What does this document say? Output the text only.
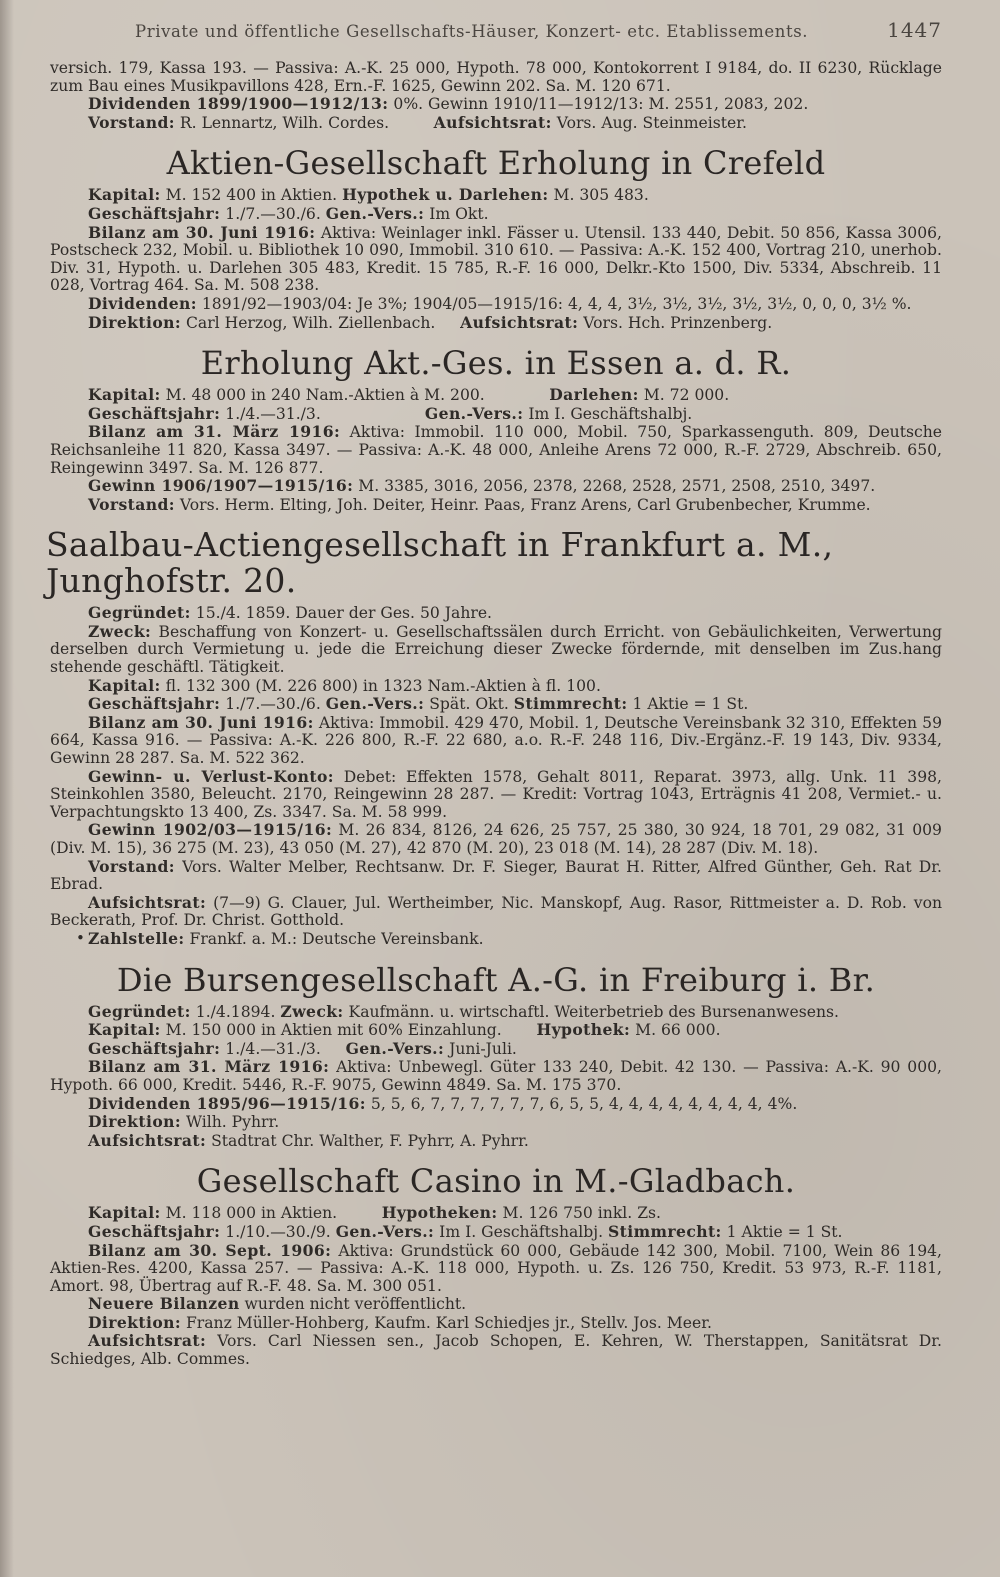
Private und öffentliche Gesellschafts-Häuser, Konzert- etc. Etablissements.	1447

versich. 179, Kassa 193. — Passiva: A.-K. 25 000, Hypoth. 78 000, Kontokorrent I 9184, do. II 6230, Rücklage zum Bau eines Musikpavillons 428, Ern.-F. 1625, Gewinn 202. Sa. M. 120 671.

Dividenden 1899/1900—1912/13: 0%. Gewinn 1910/11—1912/13: M. 2551, 2083, 202.

Vorstand: R. Lennartz, Wilh. Cordes.	Aufsichtsrat: Vors. Aug. Steinmeister.

Aktien-Gesellschaft Erholung in Crefeld

Kapital: M. 152 400 in Aktien. Hypothek u. Darlehen: M. 305 483.

Geschäftsjahr: 1./7.—30./6. Gen.-Vers.: Im Okt.

Bilanz am 30. Juni 1916: Aktiva: Weinlager inkl. Fässer u. Utensil. 133 440, Debit. 50 856, Kassa 3006, Postscheck 232, Mobil. u. Bibliothek 10 090, Immobil. 310 610. — Passiva: A.-K. 152 400, Vortrag 210, unerhob. Div. 31, Hypoth. u. Darlehen 305 483, Kredit. 15 785, R.-F. 16 000, Delkr.-Kto 1500, Div. 5334, Abschreib. 11 028, Vortrag 464. Sa. M. 508 238.

Dividenden: 1891/92—1903/04: Je 3%; 1904/05—1915/16: 4, 4, 4, 3½, 3½, 3½, 3½, 3½, 0, 0, 0, 3½ %.

Direktion: Carl Herzog, Wilh. Ziellenbach.     Aufsichtsrat: Vors. Hch. Prinzenberg.

Erholung Akt.-Ges. in Essen a. d. R.

Kapital: M. 48 000 in 240 Nam.-Aktien à M. 200.	Darlehen: M. 72 000.

Geschäftsjahr: 1./4.—31./3.	Gen.-Vers.: Im I. Geschäftshalbj.

Bilanz am 31. März 1916: Aktiva: Immobil. 110 000, Mobil. 750, Sparkassenguth. 809, Deutsche Reichsanleihe 11 820, Kassa 3497. — Passiva: A.-K. 48 000, Anleihe Arens 72 000, R.-F. 2729, Abschreib. 650, Reingewinn 3497. Sa. M. 126 877.

Gewinn 1906/1907—1915/16: M. 3385, 3016, 2056, 2378, 2268, 2528, 2571, 2508, 2510, 3497.

Vorstand: Vors. Herm. Elting, Joh. Deiter, Heinr. Paas, Franz Arens, Carl Grubenbecher, Krumme.

Saalbau-Actiengesellschaft in Frankfurt a. M., Junghofstr. 20.

Gegründet: 15./4. 1859. Dauer der Ges. 50 Jahre.

Zweck: Beschaffung von Konzert- u. Gesellschaftssälen durch Erricht. von Gebäulichkeiten, Verwertung derselben durch Vermietung u. jede die Erreichung dieser Zwecke fördernde, mit denselben im Zus.hang stehende geschäftl. Tätigkeit.

Kapital: fl. 132 300 (M. 226 800) in 1323 Nam.-Aktien à fl. 100.

Geschäftsjahr: 1./7.—30./6. Gen.-Vers.: Spät. Okt. Stimmrecht: 1 Aktie = 1 St.

Bilanz am 30. Juni 1916: Aktiva: Immobil. 429 470, Mobil. 1, Deutsche Vereinsbank 32 310, Effekten 59 664, Kassa 916. — Passiva: A.-K. 226 800, R.-F. 22 680, a.o. R.-F. 248 116, Div.-Ergänz.-F. 19 143, Div. 9334, Gewinn 28 287. Sa. M. 522 362.

Gewinn- u. Verlust-Konto: Debet: Effekten 1578, Gehalt 8011, Reparat. 3973, allg. Unk. 11 398, Steinkohlen 3580, Beleucht. 2170, Reingewinn 28 287. — Kredit: Vortrag 1043, Erträgnis 41 208, Vermiet.- u. Verpachtungskto 13 400, Zs. 3347. Sa. M. 58 999.

Gewinn 1902/03—1915/16: M. 26 834, 8126, 24 626, 25 757, 25 380, 30 924, 18 701, 29 082, 31 009 (Div. M. 15), 36 275 (M. 23), 43 050 (M. 27), 42 870 (M. 20), 23 018 (M. 14), 28 287 (Div. M. 18).

Vorstand: Vors. Walter Melber, Rechtsanw. Dr. F. Sieger, Baurat H. Ritter, Alfred Günther, Geh. Rat Dr. Ebrad.

Aufsichtsrat: (7—9) G. Clauer, Jul. Wertheimber, Nic. Manskopf, Aug. Rasor, Rittmeister a. D. Rob. von Beckerath, Prof. Dr. Christ. Gotthold.

• Zahlstelle: Frankf. a. M.: Deutsche Vereinsbank.

Die Bursengesellschaft A.-G. in Freiburg i. Br.

Gegründet: 1./4.1894. Zweck: Kaufmänn. u. wirtschaftl. Weiterbetrieb des Bursenanwesens.

Kapital: M. 150 000 in Aktien mit 60% Einzahlung.       Hypothek: M. 66 000.

Geschäftsjahr: 1./4.—31./3.     Gen.-Vers.: Juni-Juli.

Bilanz am 31. März 1916: Aktiva: Unbewegl. Güter 133 240, Debit. 42 130. — Passiva: A.-K. 90 000, Hypoth. 66 000, Kredit. 5446, R.-F. 9075, Gewinn 4849. Sa. M. 175 370.

Dividenden 1895/96—1915/16: 5, 5, 6, 7, 7, 7, 7, 7, 7, 6, 5, 5, 4, 4, 4, 4, 4, 4, 4, 4, 4%.

Direktion: Wilh. Pyhrr.

Aufsichtsrat: Stadtrat Chr. Walther, F. Pyhrr, A. Pyhrr.

Gesellschaft Casino in M.-Gladbach.

Kapital: M. 118 000 in Aktien.	Hypotheken: M. 126 750 inkl. Zs.

Geschäftsjahr: 1./10.—30./9. Gen.-Vers.: Im I. Geschäftshalbj. Stimmrecht: 1 Aktie = 1 St.

Bilanz am 30. Sept. 1906: Aktiva: Grundstück 60 000, Gebäude 142 300, Mobil. 7100, Wein 86 194, Aktien-Res. 4200, Kassa 257. — Passiva: A.-K. 118 000, Hypoth. u. Zs. 126 750, Kredit. 53 973, R.-F. 1181, Amort. 98, Übertrag auf R.-F. 48. Sa. M. 300 051.

Neuere Bilanzen wurden nicht veröffentlicht.

Direktion: Franz Müller-Hohberg, Kaufm. Karl Schiedjes jr., Stellv. Jos. Meer.

Aufsichtsrat: Vors. Carl Niessen sen., Jacob Schopen, E. Kehren, W. Therstappen, Sanitätsrat Dr. Schiedges, Alb. Commes.
